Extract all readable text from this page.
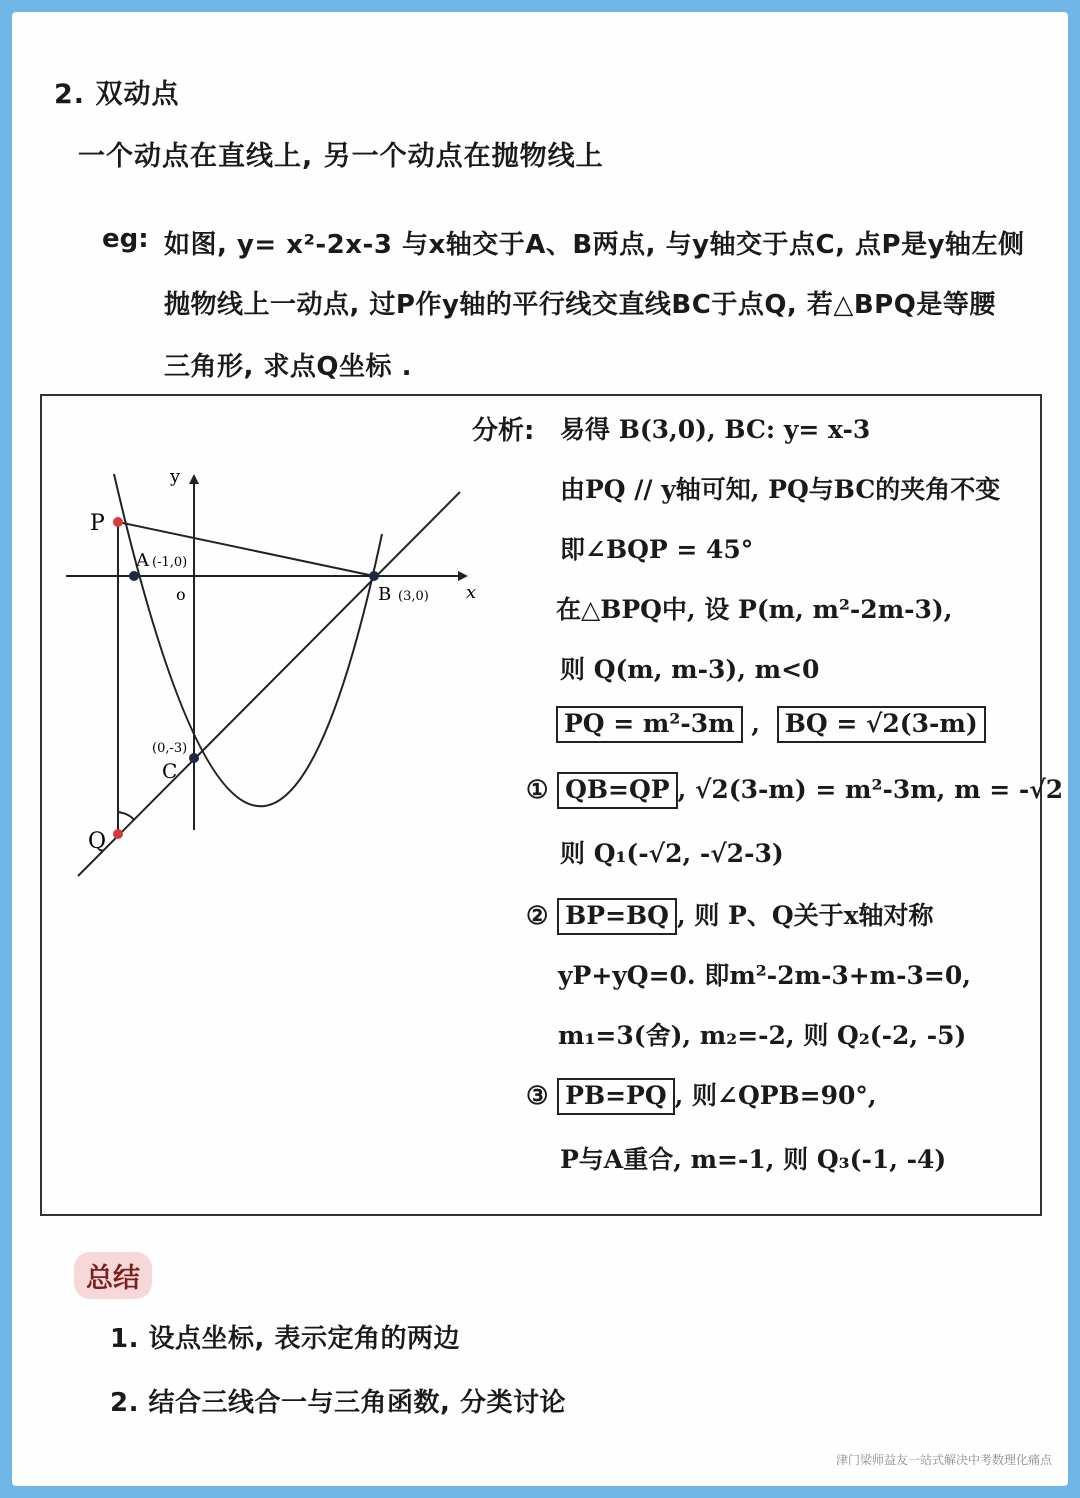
2. 双动点
一个动点在直线上, 另一个动点在抛物线上
eg: 如图, y= x²-2x-3 与x轴交于A、B两点, 与y轴交于点C, 点P是y轴左侧
抛物线上一动点, 过P作y轴的平行线交直线BC于点Q, 若△BPQ是等腰
三角形, 求点Q坐标 .
y
x
o
P
A (-1,0)
B (3,0)
C
(0,-3)
Q
分析: 易得 B(3,0), BC: y= x-3
由PQ // y轴可知, PQ与BC的夹角不变
即∠BQP = 45°
在△BPQ中, 设 P(m, m²-2m-3),
则 Q(m, m-3), m<0
PQ = m²-3m , BQ = √2(3-m)
① QB=QP , √2(3-m) = m²-3m, m = -√2
则 Q₁(-√2, -√2-3)
② BP=BQ , 则 P、Q关于x轴对称
yP+yQ=0. 即m²-2m-3+m-3=0,
m₁=3(舍), m₂=-2, 则 Q₂(-2, -5)
③ PB=PQ , 则∠QPB=90°,
P与A重合, m=-1, 则 Q₃(-1, -4)
总结
1. 设点坐标, 表示定角的两边
2. 结合三线合一与三角函数, 分类讨论
津门梁师益友一站式解决中考数理化痛点
